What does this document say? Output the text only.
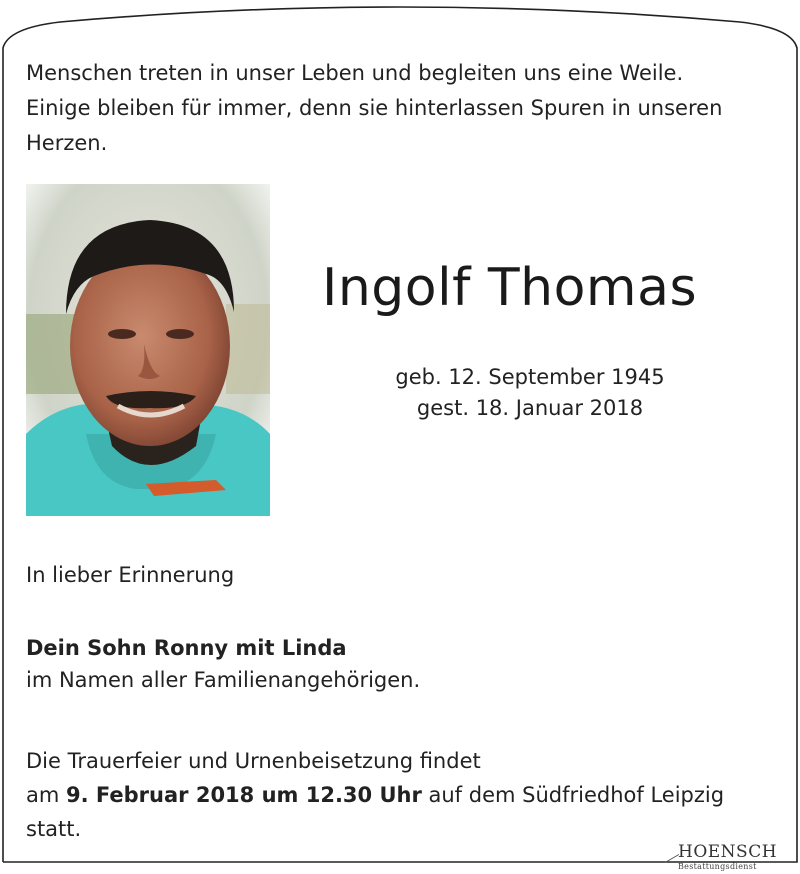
Menschen treten in unser Leben und begleiten uns eine Weile.
Einige bleiben für immer, denn sie hinterlassen Spuren in unseren
Herzen.
Ingolf Thomas
geb. 12. September 1945
gest. 18. Januar 2018
In lieber Erinnerung
Dein Sohn Ronny mit Linda
im Namen aller Familienangehörigen.
Die Trauerfeier und Urnenbeisetzung findet
am 9. Februar 2018 um 12.30 Uhr auf dem Südfriedhof Leipzig
statt.
HOENSCH
Bestattungsdienst
